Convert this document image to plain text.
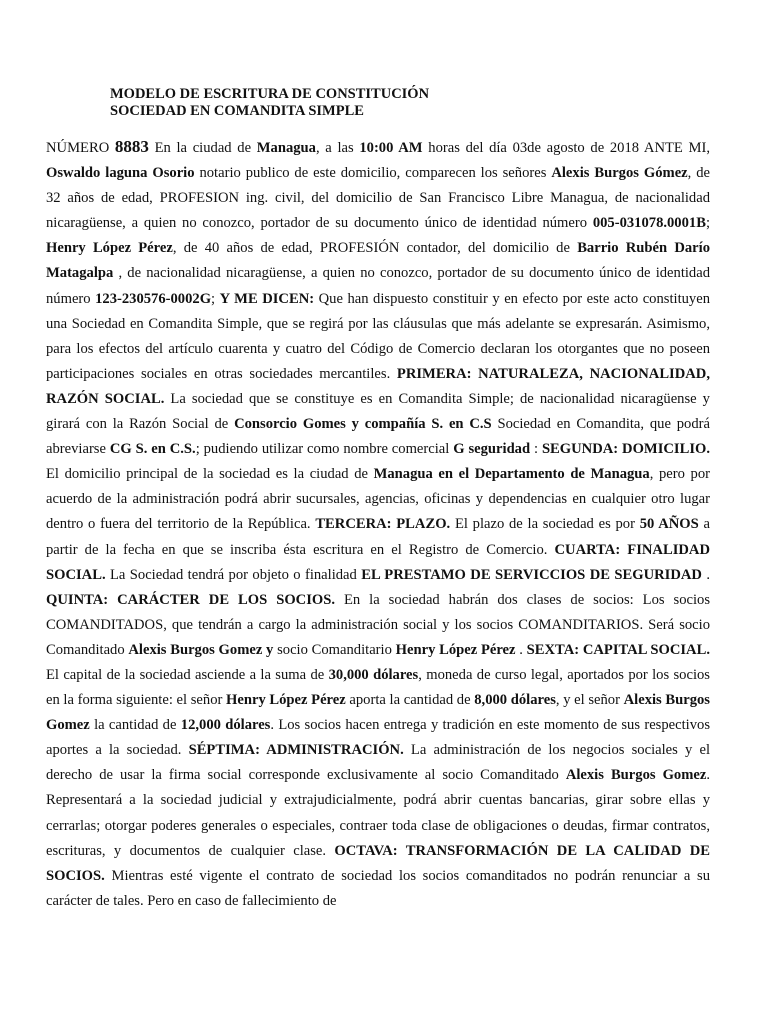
MODELO DE ESCRITURA DE CONSTITUCIÓN
SOCIEDAD EN COMANDITA SIMPLE
NÚMERO 8883 En la ciudad de Managua, a las 10:00 AM horas del día 03de agosto de 2018 ANTE MI, Oswaldo laguna Osorio notario publico de este domicilio, comparecen los señores Alexis Burgos Gómez, de 32 años de edad, PROFESION ing. civil, del domicilio de San Francisco Libre Managua, de nacionalidad nicaragüense, a quien no conozco, portador de su documento único de identidad número 005-031078.0001B; Henry López Pérez, de 40 años de edad, PROFESIÓN contador, del domicilio de Barrio Rubén Darío Matagalpa , de nacionalidad nicaragüense, a quien no conozco, portador de su documento único de identidad número 123-230576-0002G; Y ME DICEN: Que han dispuesto constituir y en efecto por este acto constituyen una Sociedad en Comandita Simple, que se regirá por las cláusulas que más adelante se expresarán. Asimismo, para los efectos del artículo cuarenta y cuatro del Código de Comercio declaran los otorgantes que no poseen participaciones sociales en otras sociedades mercantiles. PRIMERA: NATURALEZA, NACIONALIDAD, RAZÓN SOCIAL. La sociedad que se constituye es en Comandita Simple; de nacionalidad nicaragüense y girará con la Razón Social de Consorcio Gomes y compañía S. en C.S Sociedad en Comandita, que podrá abreviarse CG S. en C.S.; pudiendo utilizar como nombre comercial G seguridad : SEGUNDA: DOMICILIO. El domicilio principal de la sociedad es la ciudad de Managua en el Departamento de Managua, pero por acuerdo de la administración podrá abrir sucursales, agencias, oficinas y dependencias en cualquier otro lugar dentro o fuera del territorio de la República. TERCERA: PLAZO. El plazo de la sociedad es por 50 AÑOS a partir de la fecha en que se inscriba ésta escritura en el Registro de Comercio. CUARTA: FINALIDAD SOCIAL. La Sociedad tendrá por objeto o finalidad EL PRESTAMO DE SERVICCIOS DE SEGURIDAD . QUINTA: CARÁCTER DE LOS SOCIOS. En la sociedad habrán dos clases de socios: Los socios COMANDITADOS, que tendrán a cargo la administración social y los socios COMANDITARIOS. Será socio Comanditado Alexis Burgos Gomez y socio Comanditario Henry López Pérez . SEXTA: CAPITAL SOCIAL. El capital de la sociedad asciende a la suma de 30,000 dólares, moneda de curso legal, aportados por los socios en la forma siguiente: el señor Henry López Pérez aporta la cantidad de 8,000 dólares, y el señor Alexis Burgos Gomez la cantidad de 12,000 dólares. Los socios hacen entrega y tradición en este momento de sus respectivos aportes a la sociedad. SÉPTIMA: ADMINISTRACIÓN. La administración de los negocios sociales y el derecho de usar la firma social corresponde exclusivamente al socio Comanditado Alexis Burgos Gomez. Representará a la sociedad judicial y extrajudicialmente, podrá abrir cuentas bancarias, girar sobre ellas y cerrarlas; otorgar poderes generales o especiales, contraer toda clase de obligaciones o deudas, firmar contratos, escrituras, y documentos de cualquier clase. OCTAVA: TRANSFORMACIÓN DE LA CALIDAD DE SOCIOS. Mientras esté vigente el contrato de sociedad los socios comanditados no podrán renunciar a su carácter de tales. Pero en caso de fallecimiento de
